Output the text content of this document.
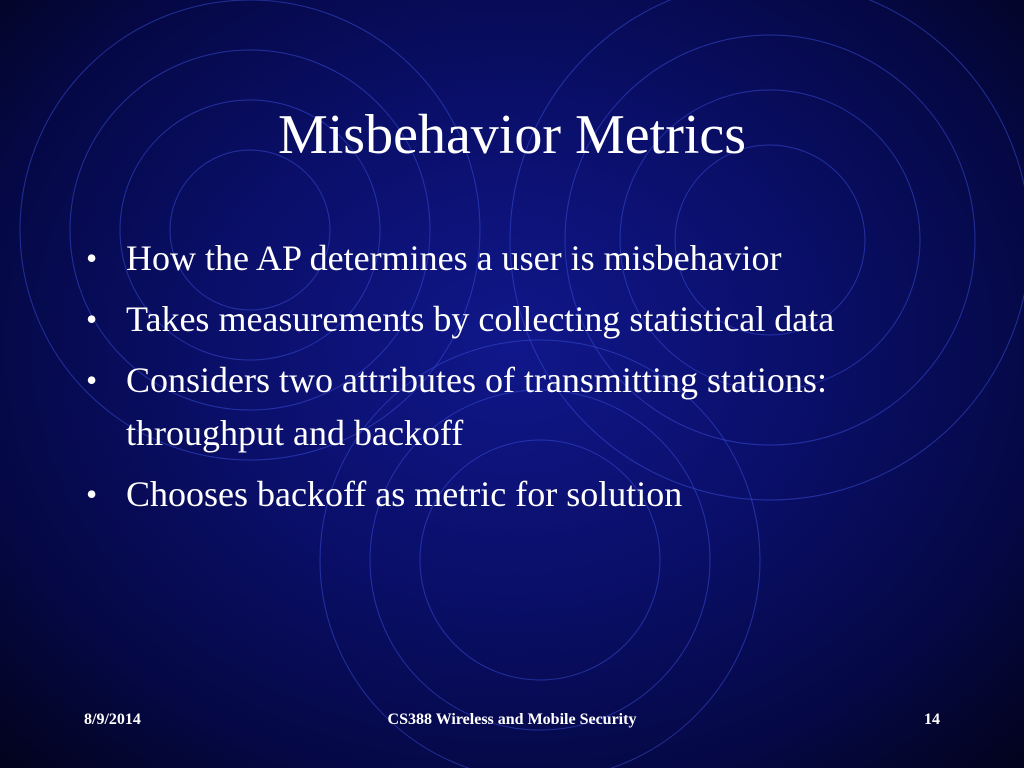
Misbehavior Metrics
• How the AP determines a user is misbehavior
• Takes measurements by collecting statistical data
• Considers two attributes of transmitting stations: throughput and backoff
• Chooses backoff as metric for solution
8/9/2014	CS388 Wireless and Mobile Security	14
